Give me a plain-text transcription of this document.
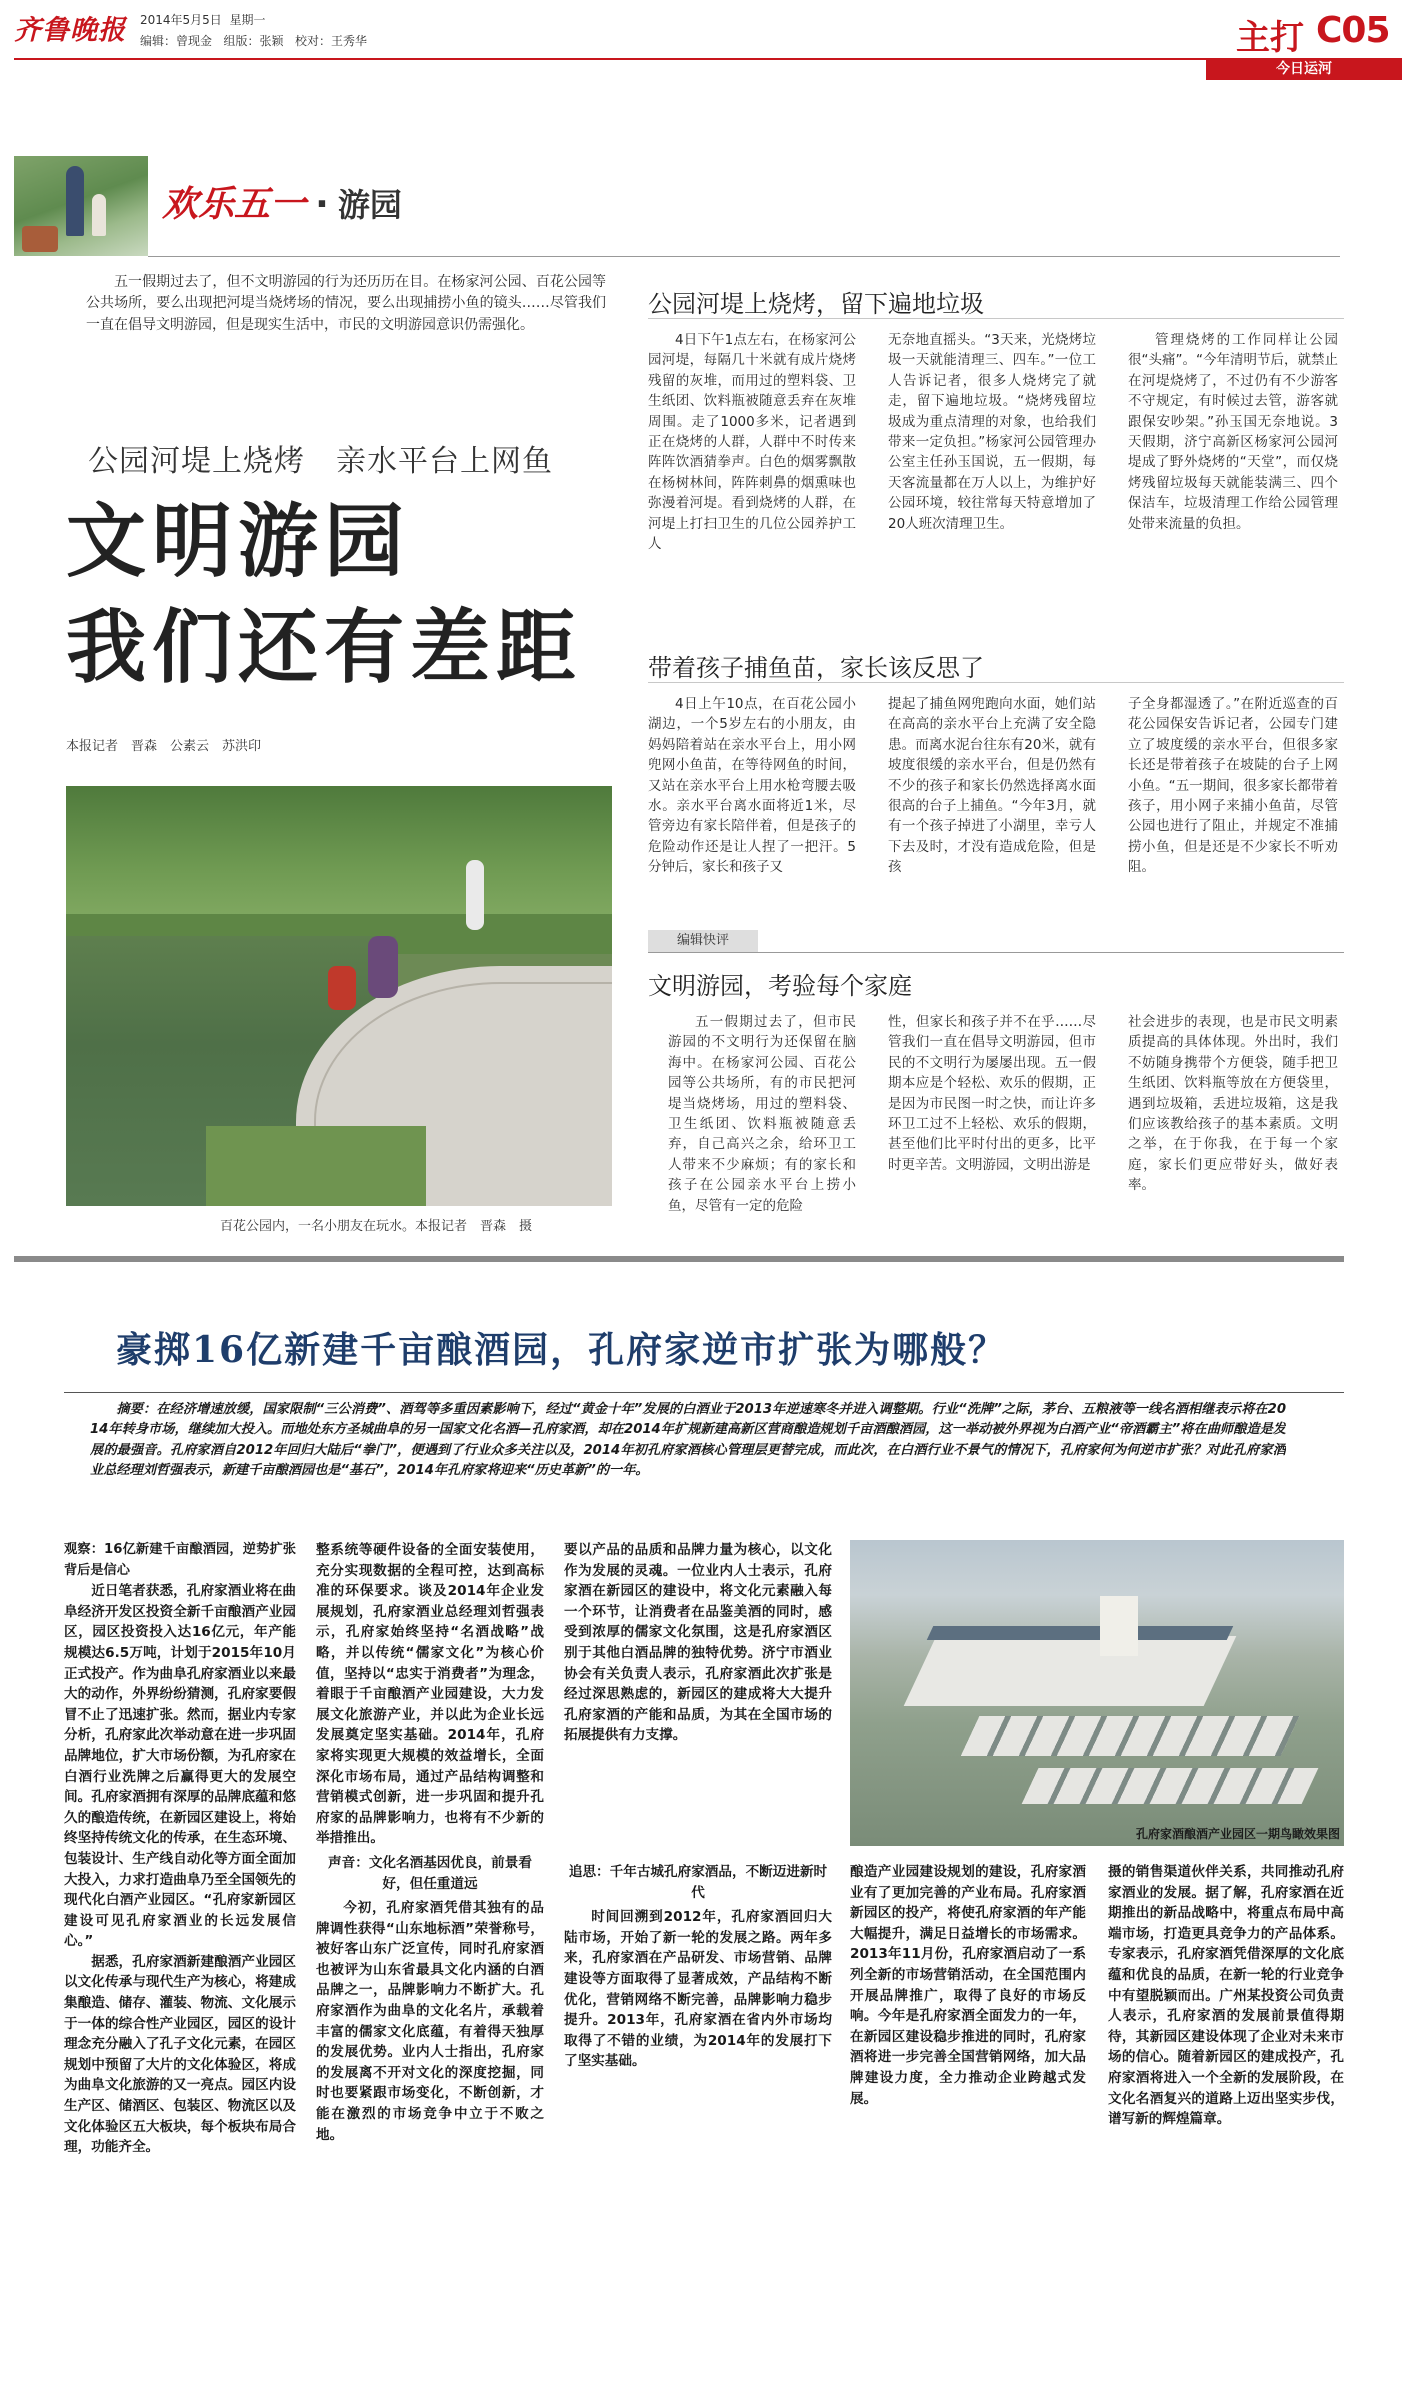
齐鲁晚报 2014年5月5日 星期一
编辑：曾现金 组版：张颖 校对：王秀华	主打 C05
今日运河
欢乐五一 · 游园

五一假期过去了，但不文明游园的行为还历历在目。在杨家河公园、百花公园等公共场所，要么出现把河堤当烧烤场的情况，要么出现捕捞小鱼的镜头……尽管我们一直在倡导文明游园，但是现实生活中，市民的文明游园意识仍需强化。

公园河堤上烧烤　亲水平台上网鱼
文明游园
我们还有差距
本报记者　晋森　公素云　苏洪印
百花公园内，一名小朋友在玩水。本报记者　晋森　摄
公园河堤上烧烤，留下遍地垃圾

4日下午1点左右，在杨家河公园河堤，每隔几十米就有成片烧烤残留的灰堆，而用过的塑料袋、卫生纸团、饮料瓶被随意丢弃在灰堆周围。走了1000多米，记者遇到正在烧烤的人群，人群中不时传来阵阵饮酒猜拳声。白色的烟雾飘散在杨树林间，阵阵刺鼻的烟熏味也弥漫着河堤。看到烧烤的人群，在河堤上打扫卫生的几位公园养护工人

无奈地直摇头。“3天来，光烧烤垃圾一天就能清理三、四车。”一位工人告诉记者，很多人烧烤完了就走，留下遍地垃圾。“烧烤残留垃圾成为重点清理的对象，也给我们带来一定负担。”杨家河公园管理办公室主任孙玉国说，五一假期，每天客流量都在万人以上，为维护好公园环境，较往常每天特意增加了20人班次清理卫生。

管理烧烤的工作同样让公园很“头痛”。“今年清明节后，就禁止在河堤烧烤了，不过仍有不少游客不守规定，有时候过去管，游客就跟保安吵架。”孙玉国无奈地说。3天假期，济宁高新区杨家河公园河堤成了野外烧烤的“天堂”，而仅烧烤残留垃圾每天就能装满三、四个保洁车，垃圾清理工作给公园管理处带来流量的负担。

带着孩子捕鱼苗，家长该反思了

4日上午10点，在百花公园小湖边，一个5岁左右的小朋友，由妈妈陪着站在亲水平台上，用小网兜网小鱼苗，在等待网鱼的时间，又站在亲水平台上用水枪弯腰去吸水。亲水平台离水面将近1米，尽管旁边有家长陪伴着，但是孩子的危险动作还是让人捏了一把汗。5分钟后，家长和孩子又

提起了捕鱼网兜跑向水面，她们站在高高的亲水平台上充满了安全隐患。而离水泥台往东有20米，就有坡度很缓的亲水平台，但是仍然有不少的孩子和家长仍然选择离水面很高的台子上捕鱼。“今年3月，就有一个孩子掉进了小湖里，幸亏人下去及时，才没有造成危险，但是孩

子全身都湿透了。”在附近巡查的百花公园保安告诉记者，公园专门建立了坡度缓的亲水平台，但很多家长还是带着孩子在坡陡的台子上网小鱼。“五一期间，很多家长都带着孩子，用小网子来捕小鱼苗，尽管公园也进行了阻止，并规定不准捕捞小鱼，但是还是不少家长不听劝阻。

编辑快评
文明游园，考验每个家庭

五一假期过去了，但市民游园的不文明行为还保留在脑海中。在杨家河公园、百花公园等公共场所，有的市民把河堤当烧烤场，用过的塑料袋、卫生纸团、饮料瓶被随意丢弃，自己高兴之余，给环卫工人带来不少麻烦；有的家长和孩子在公园亲水平台上捞小鱼，尽管有一定的危险

性，但家长和孩子并不在乎……尽管我们一直在倡导文明游园，但市民的不文明行为屡屡出现。五一假期本应是个轻松、欢乐的假期，正是因为市民图一时之快，而让许多环卫工过不上轻松、欢乐的假期，甚至他们比平时付出的更多，比平时更辛苦。文明游园，文明出游是

社会进步的表现，也是市民文明素质提高的具体体现。外出时，我们不妨随身携带个方便袋，随手把卫生纸团、饮料瓶等放在方便袋里，遇到垃圾箱，丢进垃圾箱，这是我们应该教给孩子的基本素质。文明之举，在于你我，在于每一个家庭，家长们更应带好头，做好表率。

豪掷16亿新建千亩酿酒园，孔府家逆市扩张为哪般？

摘要：在经济增速放缓，国家限制“三公消费”、酒驾等多重因素影响下，经过“黄金十年”发展的白酒业于2013年逆速寒冬并进入调整期。行业“洗牌”之际，茅台、五粮液等一线名酒相继表示将在2014年转身市场，继续加大投入。而地处东方圣城曲阜的另一国家文化名酒—孔府家酒，却在2014年扩规新建高新区营商酿造规划千亩酒酿酒园，这一举动被外界视为白酒产业“帝酒霸主”将在曲师酿造是发展的最强音。孔府家酒自2012年回归大陆后“拳门”，便遇到了行业众多关注以及，2014年初孔府家酒核心管理层更替完成，而此次，在白酒行业不景气的情况下，孔府家何为何逆市扩张？对此孔府家酒业总经理刘哲强表示，新建千亩酿酒园也是“基石”，2014年孔府家将迎来“历史革新”的一年。

观察：16亿新建千亩酿酒园，逆势扩张背后是信心

近日笔者获悉，孔府家酒业将在曲阜经济开发区投资全新千亩酿酒产业园区，园区投资投入达16亿元，年产能规模达6.5万吨，计划于2015年10月正式投产。作为曲阜孔府家酒业以来最大的动作，外界纷纷猜测，孔府家要假冒不止了迅速扩张。然而，据业内专家分析，孔府家此次举动意在进一步巩固品牌地位，扩大市场份额，为孔府家在白酒行业洗牌之后赢得更大的发展空间。孔府家酒拥有深厚的品牌底蕴和悠久的酿造传统，在新园区建设上，将始终坚持传统文化的传承，在生态环境、包装设计、生产线自动化等方面全面加大投入，力求打造曲阜乃至全国领先的现代化白酒产业园区。“孔府家新园区建设可见孔府家酒业的长远发展信心。”

据悉，孔府家酒新建酿酒产业园区以文化传承与现代生产为核心，将建成集酿造、储存、灌装、物流、文化展示于一体的综合性产业园区，园区的设计理念充分融入了孔子文化元素，在园区规划中预留了大片的文化体验区，将成为曲阜文化旅游的又一亮点。园区内设生产区、储酒区、包装区、物流区以及文化体验区五大板块，每个板块布局合理，功能齐全。

整系统等硬件设备的全面安装使用，充分实现数据的全程可控，达到高标准的环保要求。谈及2014年企业发展规划，孔府家酒业总经理刘哲强表示，孔府家始终坚持“名酒战略”战略，并以传统“儒家文化”为核心价值，坚持以“忠实于消费者”为理念，着眼于千亩酿酒产业园建设，大力发展文化旅游产业，并以此为企业长远发展奠定坚实基础。2014年，孔府家将实现更大规模的效益增长，全面深化市场布局，通过产品结构调整和营销模式创新，进一步巩固和提升孔府家的品牌影响力，也将有不少新的举措推出。

声音：文化名酒基因优良，前景看好，但任重道远

今初，孔府家酒凭借其独有的品牌调性获得“山东地标酒”荣誉称号，被好客山东广泛宣传，同时孔府家酒也被评为山东省最具文化内涵的白酒品牌之一，品牌影响力不断扩大。孔府家酒作为曲阜的文化名片，承载着丰富的儒家文化底蕴，有着得天独厚的发展优势。业内人士指出，孔府家的发展离不开对文化的深度挖掘，同时也要紧跟市场变化，不断创新，才能在激烈的市场竞争中立于不败之地。

要以产品的品质和品牌力量为核心，以文化作为发展的灵魂。一位业内人士表示，孔府家酒在新园区的建设中，将文化元素融入每一个环节，让消费者在品鉴美酒的同时，感受到浓厚的儒家文化氛围，这是孔府家酒区别于其他白酒品牌的独特优势。济宁市酒业协会有关负责人表示，孔府家酒此次扩张是经过深思熟虑的，新园区的建成将大大提升孔府家酒的产能和品质，为其在全国市场的拓展提供有力支撑。

孔府家酒酿酒产业园区一期鸟瞰效果图

追思：千年古城孔府家酒品，不断迈进新时代

时间回溯到2012年，孔府家酒回归大陆市场，开始了新一轮的发展之路。两年多来，孔府家酒在产品研发、市场营销、品牌建设等方面取得了显著成效，产品结构不断优化，营销网络不断完善，品牌影响力稳步提升。2013年，孔府家酒在省内外市场均取得了不错的业绩，为2014年的发展打下了坚实基础。

酿造产业园建设规划的建设，孔府家酒业有了更加完善的产业布局。孔府家酒新园区的投产，将使孔府家酒的年产能大幅提升，满足日益增长的市场需求。2013年11月份，孔府家酒启动了一系列全新的市场营销活动，在全国范围内开展品牌推广，取得了良好的市场反响。今年是孔府家酒全面发力的一年，在新园区建设稳步推进的同时，孔府家酒将进一步完善全国营销网络，加大品牌建设力度，全力推动企业跨越式发展。

摄的销售渠道伙伴关系，共同推动孔府家酒业的发展。据了解，孔府家酒在近期推出的新品战略中，将重点布局中高端市场，打造更具竞争力的产品体系。专家表示，孔府家酒凭借深厚的文化底蕴和优良的品质，在新一轮的行业竞争中有望脱颖而出。广州某投资公司负责人表示，孔府家酒的发展前景值得期待，其新园区建设体现了企业对未来市场的信心。随着新园区的建成投产，孔府家酒将进入一个全新的发展阶段，在文化名酒复兴的道路上迈出坚实步伐，谱写新的辉煌篇章。
